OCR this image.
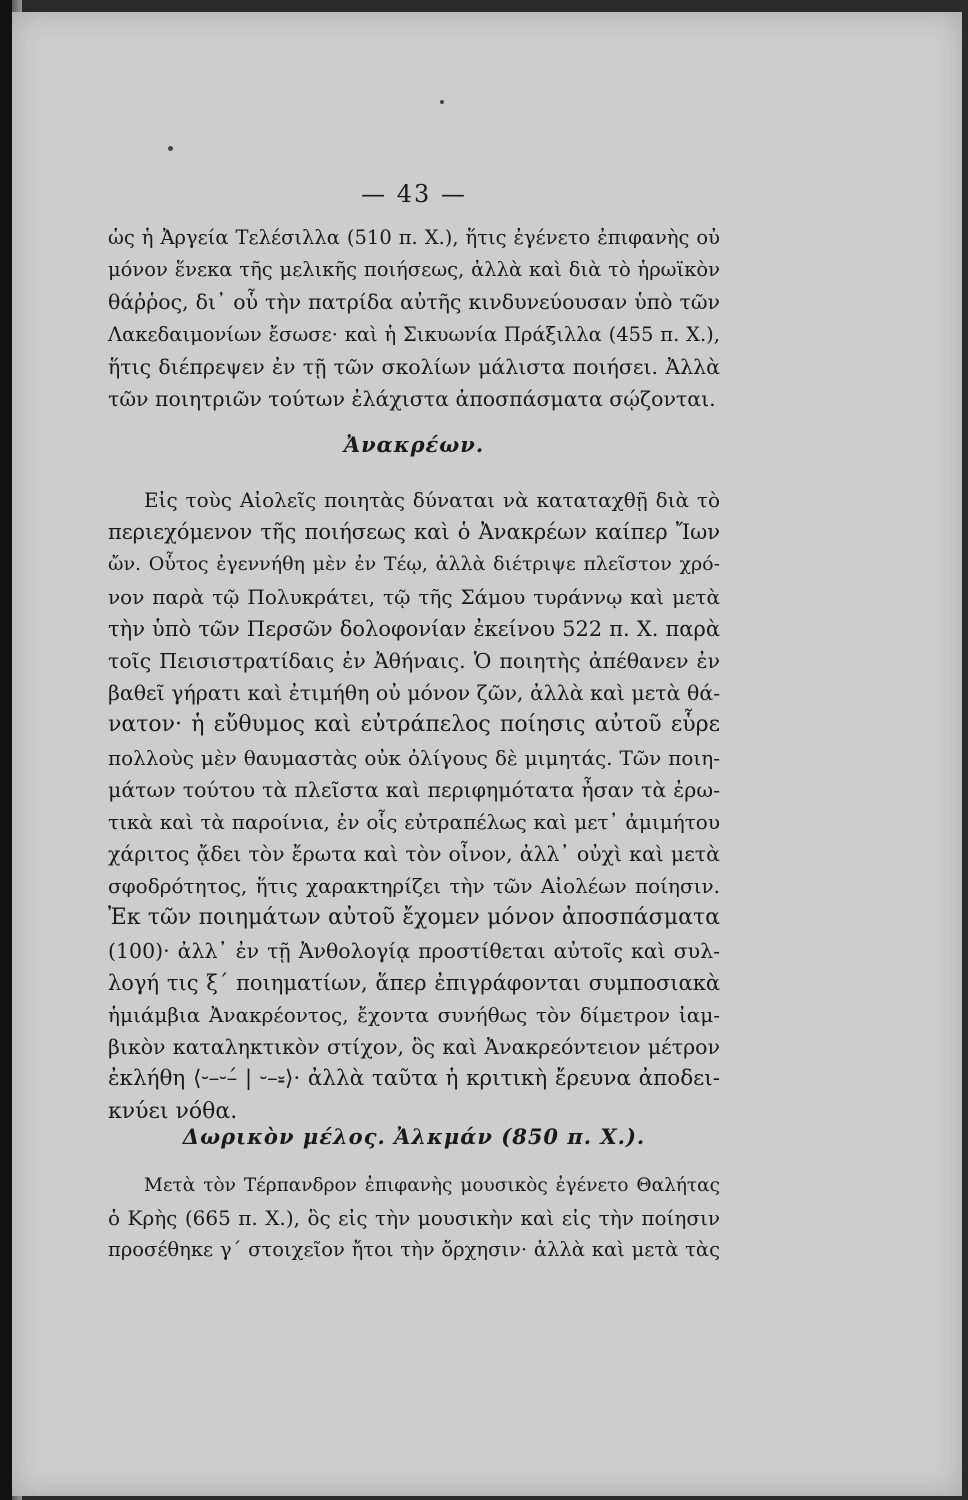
— 43 —
ὡς ἡ Ἀργεία Τελέσιλλα (510 π. Χ.), ἥτις ἐγένετο ἐπιφανὴς οὐ
μόνον ἕνεκα τῆς μελικῆς ποιήσεως, ἀλλὰ καὶ διὰ τὸ ἡρωϊκὸν
θάῤῥος, δι᾽ οὗ τὴν πατρίδα αὐτῆς κινδυνεύουσαν ὑπὸ τῶν
Λακεδαιμονίων ἔσωσε· καὶ ἡ Σικυωνία Πράξιλλα (455 π. Χ.),
ἥτις διέπρεψεν ἐν τῇ τῶν σκολίων μάλιστα ποιήσει. Ἀλλὰ
τῶν ποιητριῶν τούτων ἐλάχιστα ἀποσπάσματα σῴζονται.
Ἀνακρέων.
Εἰς τοὺς Αἰολεῖς ποιητὰς δύναται νὰ καταταχθῇ διὰ τὸ
περιεχόμενον τῆς ποιήσεως καὶ ὁ Ἀνακρέων καίπερ Ἴων
ὤν. Οὗτος ἐγεννήθη μὲν ἐν Τέῳ, ἀλλὰ διέτριψε πλεῖστον χρό-
νον παρὰ τῷ Πολυκράτει, τῷ τῆς Σάμου τυράννῳ καὶ μετὰ
τὴν ὑπὸ τῶν Περσῶν δολοφονίαν ἐκείνου 522 π. Χ. παρὰ
τοῖς Πεισιστρατίδαις ἐν Ἀθήναις. Ὁ ποιητὴς ἀπέθανεν ἐν
βαθεῖ γήρατι καὶ ἐτιμήθη οὐ μόνον ζῶν, ἀλλὰ καὶ μετὰ θά-
νατον· ἡ εὔθυμος καὶ εὐτράπελος ποίησις αὐτοῦ εὗρε
πολλοὺς μὲν θαυμαστὰς οὐκ ὀλίγους δὲ μιμητάς. Τῶν ποιη-
μάτων τούτου τὰ πλεῖστα καὶ περιφημότατα ἦσαν τὰ ἐρω-
τικὰ καὶ τὰ παροίνια, ἐν οἷς εὐτραπέλως καὶ μετ᾽ ἀμιμήτου
χάριτος ᾄδει τὸν ἔρωτα καὶ τὸν οἶνον, ἀλλ᾽ οὐχὶ καὶ μετὰ
σφοδρότητος, ἥτις χαρακτηρίζει τὴν τῶν Αἰολέων ποίησιν.
Ἐκ τῶν ποιημάτων αὐτοῦ ἔχομεν μόνον ἀποσπάσματα
(100)· ἀλλ᾽ ἐν τῇ Ἀνθολογίᾳ προστίθεται αὐτοῖς καὶ συλ-
λογή τις ξ΄ ποιηματίων, ἅπερ ἐπιγράφονται συμποσιακὰ
ἡμιάμβια Ἀνακρέοντος, ἔχοντα συνήθως τὸν δίμετρον ἰαμ-
βικὸν καταληκτικὸν στίχον, ὃς καὶ Ἀνακρεόντειον μέτρον
ἐκλήθη ⟨⏑–⏑–́ | ⏑–⏓⟩· ἀλλὰ ταῦτα ἡ κριτικὴ ἔρευνα ἀποδει-
κνύει νόθα.
Δωρικὸν μέλος. Ἀλκμάν (850 π. Χ.).
Μετὰ τὸν Τέρπανδρον ἐπιφανὴς μουσικὸς ἐγένετο Θαλήτας
ὁ Κρὴς (665 π. Χ.), ὃς εἰς τὴν μουσικὴν καὶ εἰς τὴν ποίησιν
προσέθηκε γ΄ στοιχεῖον ἤτοι τὴν ὄρχησιν· ἀλλὰ καὶ μετὰ τὰς
